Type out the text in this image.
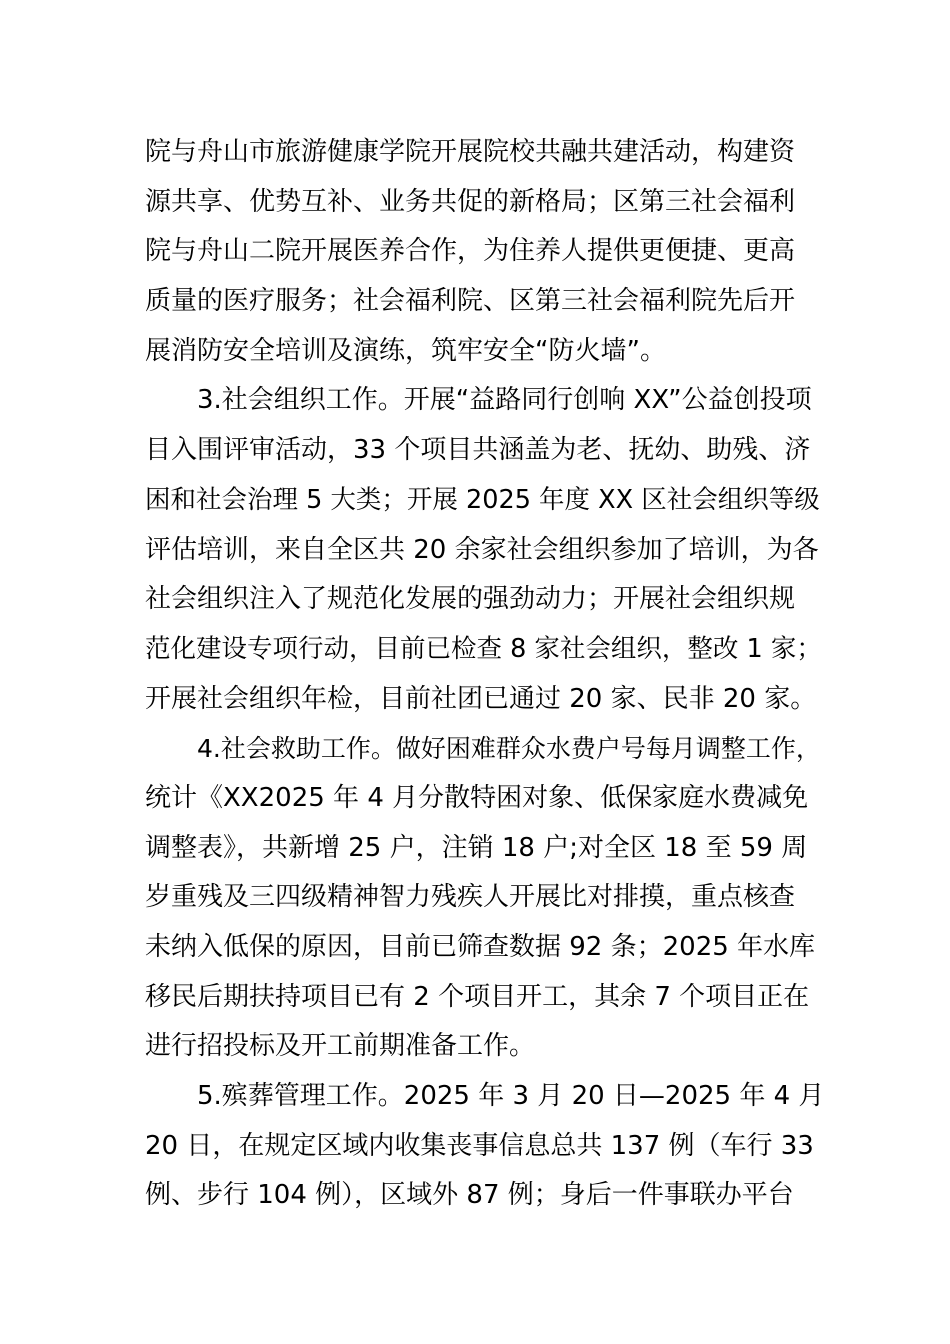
院与舟山市旅游健康学院开展院校共融共建活动，构建资
源共享、优势互补、业务共促的新格局；区第三社会福利
院与舟山二院开展医养合作，为住养人提供更便捷、更高
质量的医疗服务；社会福利院、区第三社会福利院先后开
展消防安全培训及演练，筑牢安全“防火墙”。
3.社会组织工作。开展“益路同行创响 XX”公益创投项
目入围评审活动，33 个项目共涵盖为老、抚幼、助残、济
困和社会治理 5 大类；开展 2025 年度 XX 区社会组织等级
评估培训，来自全区共 20 余家社会组织参加了培训，为各
社会组织注入了规范化发展的强劲动力；开展社会组织规
范化建设专项行动，目前已检查 8 家社会组织，整改 1 家；
开展社会组织年检，目前社团已通过 20 家、民非 20 家。
4.社会救助工作。做好困难群众水费户号每月调整工作，
统计《XX2025 年 4 月分散特困对象、低保家庭水费减免
调整表》，共新增 25 户，注销 18 户;对全区 18 至 59 周
岁重残及三四级精神智力残疾人开展比对排摸，重点核查
未纳入低保的原因，目前已筛查数据 92 条；2025 年水库
移民后期扶持项目已有 2 个项目开工，其余 7 个项目正在
进行招投标及开工前期准备工作。
5.殡葬管理工作。2025 年 3 月 20 日—2025 年 4 月
20 日，在规定区域内收集丧事信息总共 137 例（车行 33
例、步行 104 例），区域外 87 例；身后一件事联办平台
